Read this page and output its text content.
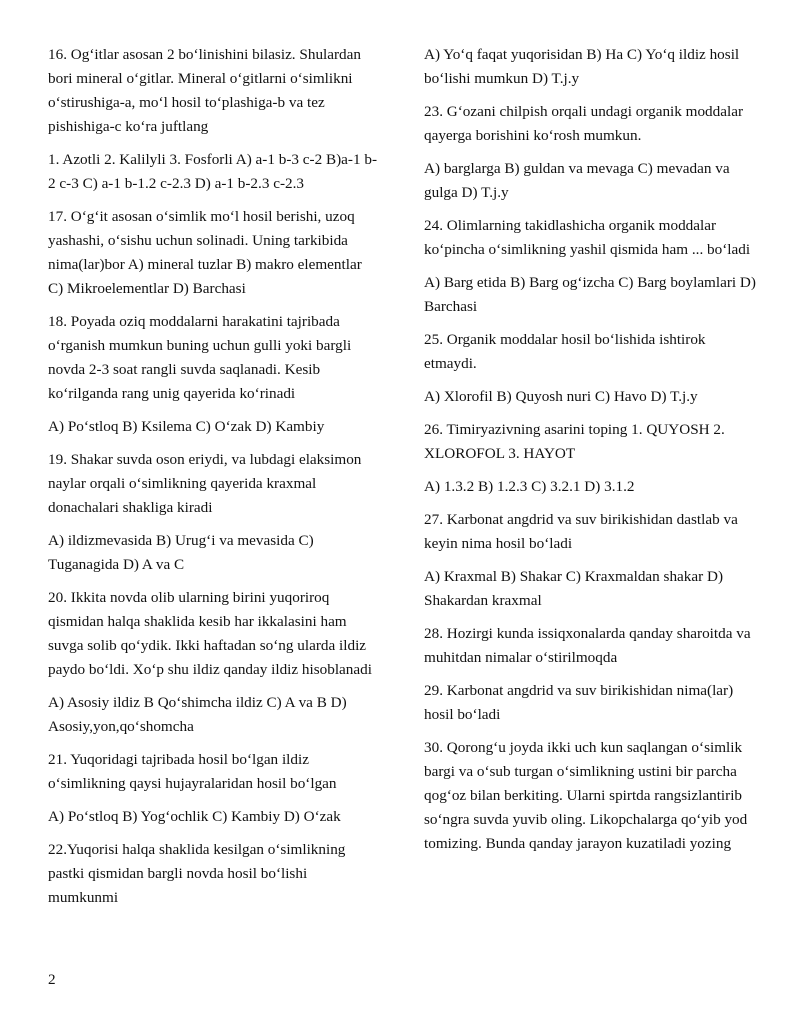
16. Og‘itlar asosan 2 bo‘linishini bilasiz. Shulardan bori mineral o‘gitlar. Mineral o‘gitlarni o‘simlikni o‘stirushiga-a, mo‘l hosil to‘plashiga-b va tez pishishiga-c ko‘ra juftlang

1. Azotli 2. Kalilyli 3. Fosforli A) a-1 b-3 c-2 B)a-1 b-2 c-3 C) a-1 b-1.2 c-2.3 D) a-1 b-2.3 c-2.3

17. O‘g‘it asosan o‘simlik mo‘l hosil berishi, uzoq yashashi, o‘sishu uchun solinadi. Uning tarkibida nima(lar)bor A) mineral tuzlar B) makro elementlar C) Mikroelementlar D) Barchasi

18. Poyada oziq moddalarni harakatini tajribada o‘rganish mumkun buning uchun gulli yoki bargli novda 2-3 soat rangli suvda saqlanadi. Kesib ko‘rilganda rang unig qayerida ko‘rinadi

A) Po‘stloq B) Ksilema C) O‘zak D) Kambiy

19. Shakar suvda oson eriydi, va lubdagi elaksimon naylar orqali o‘simlikning qayerida kraxmal donachalari shakliga kiradi

A) ildizmevasida B) Urug‘i va mevasida C) Tuganagida D) A va C

20. Ikkita novda olib ularning birini yuqoriroq qismidan halqa shaklida kesib har ikkalasini ham suvga solib qo‘ydik. Ikki haftadan so‘ng ularda ildiz paydo bo‘ldi. Xo‘p shu ildiz qanday ildiz hisoblanadi

A) Asosiy ildiz B Qo‘shimcha ildiz C) A va B D) Asosiy,yon,qo‘shomcha

21. Yuqoridagi tajribada hosil bo‘lgan ildiz o‘simlikning qaysi hujayralaridan hosil bo‘lgan

A) Po‘stloq B) Yog‘ochlik C) Kambiy D) O‘zak

22.Yuqorisi halqa shaklida kesilgan o‘simlikning pastki qismidan bargli novda hosil bo‘lishi mumkunmi

A) Yo‘q faqat yuqorisidan B) Ha C) Yo‘q ildiz hosil bo‘lishi mumkun D) T.j.y

23. G‘ozani chilpish orqali undagi organik moddalar qayerga borishini ko‘rosh mumkun.

A) barglarga B) guldan va mevaga C) mevadan va gulga D) T.j.y

24. Olimlarning takidlashicha organik moddalar ko‘pincha o‘simlikning yashil qismida ham ... bo‘ladi

A) Barg etida B) Barg og‘izcha C) Barg boylamlari D) Barchasi

25. Organik moddalar hosil bo‘lishida ishtirok etmaydi.

A) Xlorofil B) Quyosh nuri C) Havo D) T.j.y

26. Timiryazivning asarini toping 1. QUYOSH 2. XLOROFOL 3. HAYOT

A) 1.3.2 B) 1.2.3 C) 3.2.1 D) 3.1.2

27. Karbonat angdrid va suv birikishidan dastlab va keyin nima hosil bo‘ladi

A) Kraxmal B) Shakar C) Kraxmaldan shakar D) Shakardan kraxmal

28. Hozirgi kunda issiqxonalarda qanday sharoitda va muhitdan nimalar o‘stirilmoqda

29. Karbonat angdrid va suv birikishidan nima(lar) hosil bo‘ladi

30. Qorong‘u joyda ikki uch kun saqlangan o‘simlik bargi va o‘sub turgan o‘simlikning ustini bir parcha qog‘oz bilan berkiting. Ularni spirtda rangsizlantirib so‘ngra suvda yuvib oling. Likopchalarga qo‘yib yod tomizing. Bunda qanday jarayon kuzatiladi yozing

2
